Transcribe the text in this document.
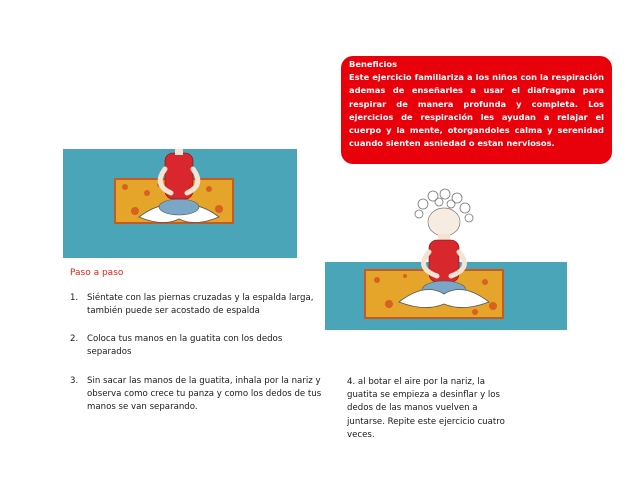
Beneficios
Este ejercicio familiariza a los niños con la respiración ademas de enseñarles a usar el diafragma para respirar de manera profunda y completa. Los ejercicios de respiración les ayudan a relajar el cuerpo y la mente, otorgandoles calma y serenidad cuando sienten asniedad o estan nerviosos.
Paso a paso
1. Siéntate con las piernas cruzadas y la espalda larga, también puede ser acostado de espalda
2. Coloca tus manos en la guatita con los dedos separados
3. Sin sacar las manos de la guatita, inhala por la nariz y observa como crece tu panza y como los dedos de tus manos se van separando.
4. al botar el aire por la nariz, la guatita se empieza a desinflar y los dedos de las manos vuelven a juntarse. Repite este ejercicio cuatro veces.
